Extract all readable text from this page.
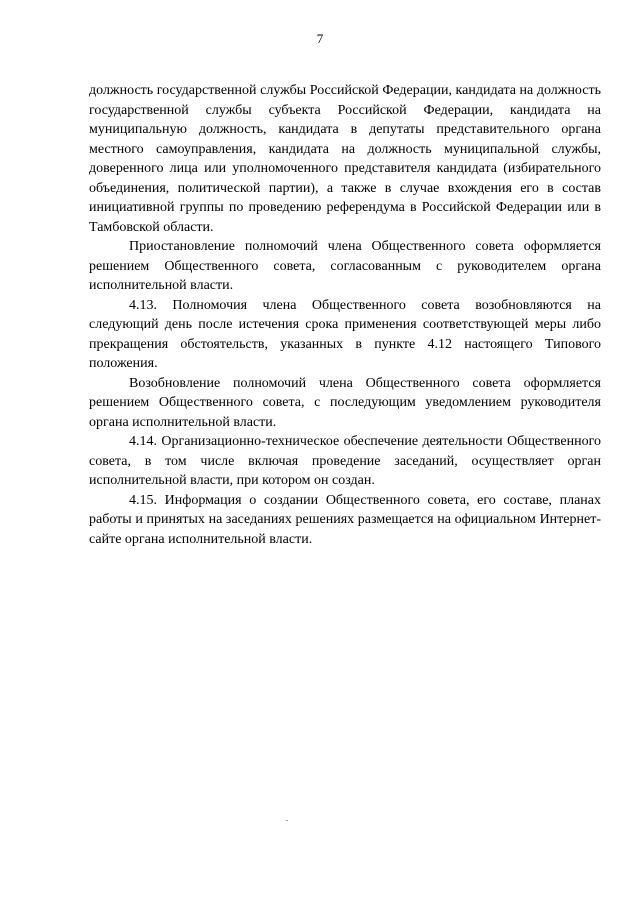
7

должность государственной службы Российской Федерации, кандидата на должность государственной службы субъекта Российской Федерации, кандидата на муниципальную должность, кандидата в депутаты представительного органа местного самоуправления, кандидата на должность муниципальной службы, доверенного лица или уполномоченного представителя кандидата (избирательного объединения, политической партии), а также в случае вхождения его в состав инициативной группы по проведению референдума в Российской Федерации или в Тамбовской области.

Приостановление полномочий члена Общественного совета оформляется решением Общественного совета, согласованным с руководителем органа исполнительной власти.

4.13. Полномочия члена Общественного совета возобновляются на следующий день после истечения срока применения соответствующей меры либо прекращения обстоятельств, указанных в пункте 4.12 настоящего Типового положения.

Возобновление полномочий члена Общественного совета оформляется решением Общественного совета, с последующим уведомлением руководителя органа исполнительной власти.

4.14. Организационно-техническое обеспечение деятельности Общественного совета, в том числе включая проведение заседаний, осуществляет орган исполнительной власти, при котором он создан.

4.15. Информация о создании Общественного совета, его составе, планах работы и принятых на заседаниях решениях размещается на официальном Интернет-сайте органа исполнительной власти.
